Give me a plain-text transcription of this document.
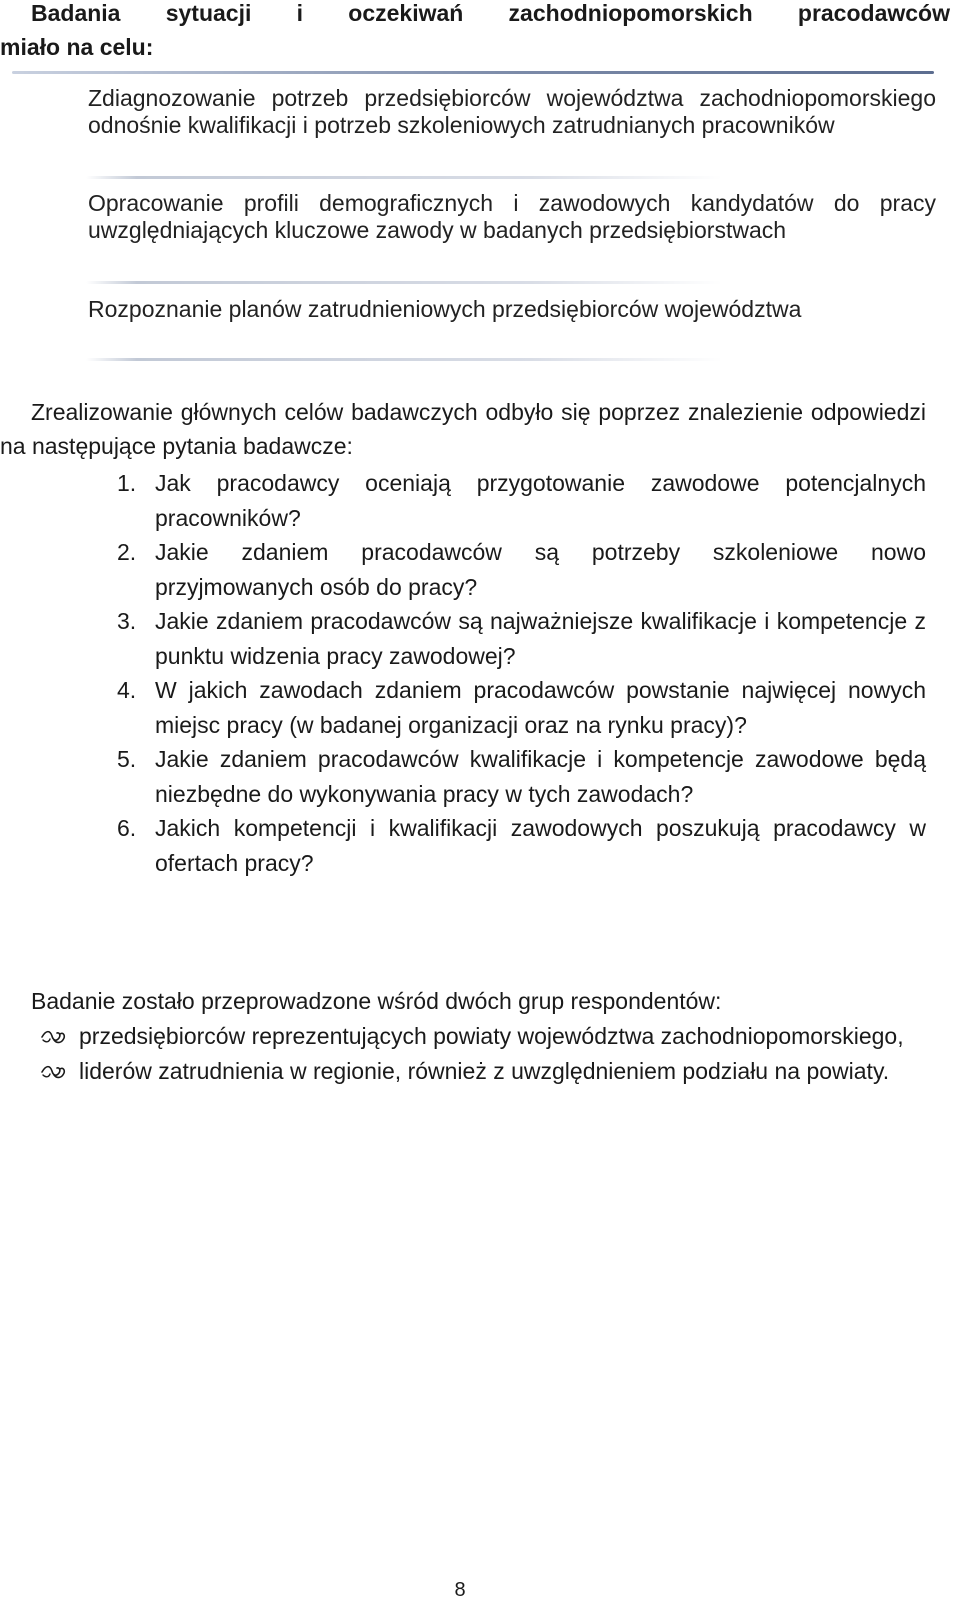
Badania sytuacji i oczekiwań zachodniopomorskich pracodawców
miało na celu:
Zdiagnozowanie potrzeb przedsiębiorców województwa zachodniopomorskiego odnośnie kwalifikacji i potrzeb szkoleniowych zatrudnianych pracowników
Opracowanie profili demograficznych i zawodowych kandydatów do pracy uwzględniających kluczowe zawody w badanych przedsiębiorstwach
Rozpoznanie planów zatrudnieniowych przedsiębiorców województwa

Zrealizowanie głównych celów badawczych odbyło się poprzez znalezienie odpowiedzi na następujące pytania badawcze:

1. Jak pracodawcy oceniają przygotowanie zawodowe potencjalnych pracowników?
2. Jakie zdaniem pracodawców są potrzeby szkoleniowe nowo przyjmowanych osób do pracy?
3. Jakie zdaniem pracodawców są najważniejsze kwalifikacje i kompetencje z punktu widzenia pracy zawodowej?
4. W jakich zawodach zdaniem pracodawców powstanie najwięcej nowych miejsc pracy (w badanej organizacji oraz na rynku pracy)?
5. Jakie zdaniem pracodawców kwalifikacje i kompetencje zawodowe będą niezbędne do wykonywania pracy w tych zawodach?
6. Jakich kompetencji i kwalifikacji zawodowych poszukują pracodawcy w ofertach pracy?

Badanie zostało przeprowadzone wśród dwóch grup respondentów:

przedsiębiorców reprezentujących powiaty województwa zachodniopomorskiego,
liderów zatrudnienia w regionie, również z uwzględnieniem podziału na powiaty.
8
